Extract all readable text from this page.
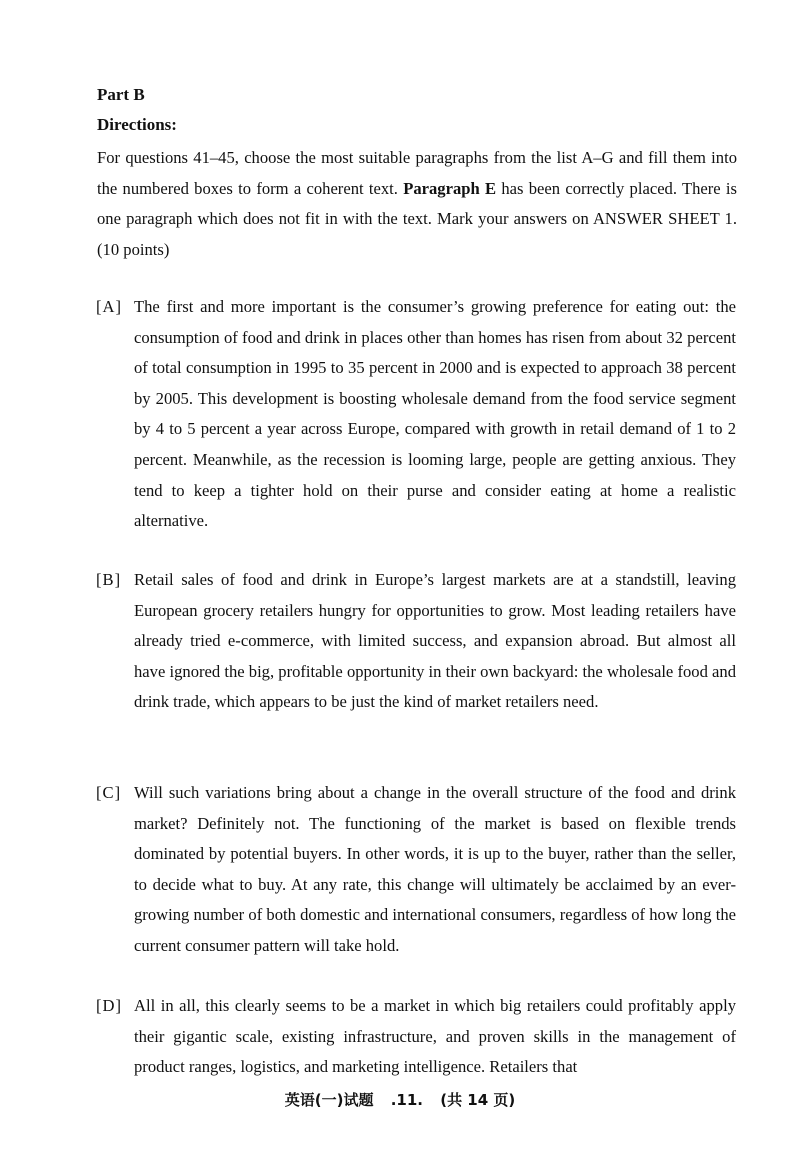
Part B
Directions:
For questions 41–45, choose the most suitable paragraphs from the list A–G and fill them into the numbered boxes to form a coherent text. Paragraph E has been correctly placed. There is one paragraph which does not fit in with the text. Mark your answers on ANSWER SHEET 1. (10 points)
[A] The first and more important is the consumer’s growing preference for eating out: the consumption of food and drink in places other than homes has risen from about 32 percent of total consumption in 1995 to 35 percent in 2000 and is expected to approach 38 percent by 2005. This development is boosting wholesale demand from the food service segment by 4 to 5 percent a year across Europe, compared with growth in retail demand of 1 to 2 percent. Meanwhile, as the recession is looming large, people are getting anxious. They tend to keep a tighter hold on their purse and consider eating at home a realistic alternative.
[B] Retail sales of food and drink in Europe’s largest markets are at a standstill, leaving European grocery retailers hungry for opportunities to grow. Most leading retailers have already tried e-commerce, with limited success, and expansion abroad. But almost all have ignored the big, profitable opportunity in their own backyard: the wholesale food and drink trade, which appears to be just the kind of market retailers need.
[C] Will such variations bring about a change in the overall structure of the food and drink market? Definitely not. The functioning of the market is based on flexible trends dominated by potential buyers. In other words, it is up to the buyer, rather than the seller, to decide what to buy. At any rate, this change will ultimately be acclaimed by an ever-growing number of both domestic and international consumers, regardless of how long the current consumer pattern will take hold.
[D] All in all, this clearly seems to be a market in which big retailers could profitably apply their gigantic scale, existing infrastructure, and proven skills in the management of product ranges, logistics, and marketing intelligence. Retailers that
英语(一)试题 .11. (共 14 页)
